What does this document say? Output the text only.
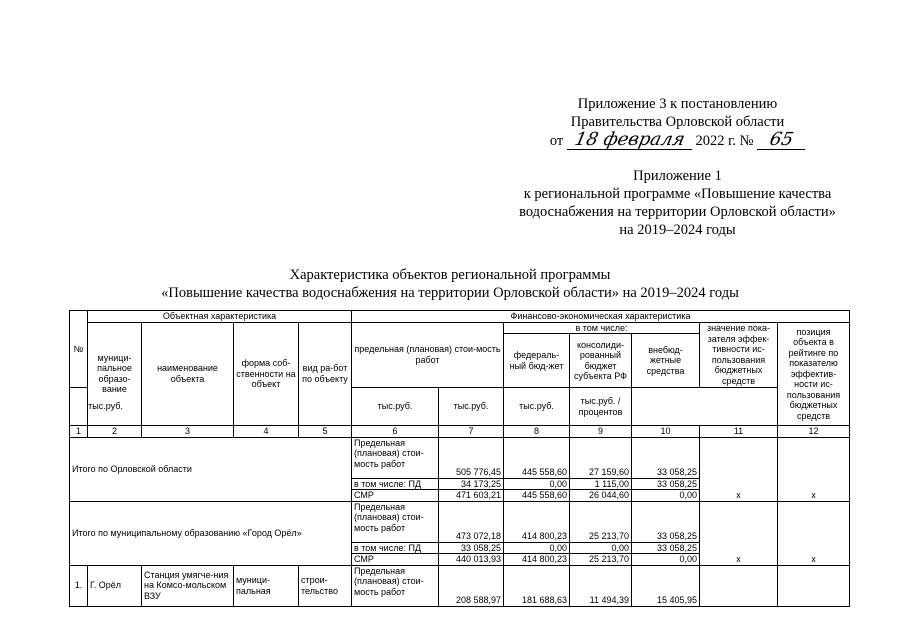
Приложение 3 к постановлению
Правительства Орловской области
от 18 февраля 2022 г. № 65
Приложение 1
к региональной программе «Повышение качества
водоснабжения на территории Орловской области»
на 2019–2024 годы
Характеристика объектов региональной программы
«Повышение качества водоснабжения на территории Орловской области» на 2019–2024 годы
№	Объектная характеристика				Финансово-экономическая характеристика						
	муници-пальное образо-вание	наименование объекта	форма соб-ственности на объект	вид ра-бот по объекту	предельная (плановая) стои-мость работ		в том числе:			значение пока-зателя эффек-тивности ис-пользования бюджетных средств	позиция объекта в рейтинге по показателю эффектив-ности ис-пользования бюджетных средств
							федераль-ный бюд-жет	консолиди-рованный бюджет субъекта РФ	внебюд-жетные средства		
тыс.руб.					тыс.руб.	тыс.руб.	тыс.руб.	тыс.руб. / процентов			
1	2	3	4	5	6	7	8	9	10	11	12
Итого по Орловской области					Предельная (плановая) стои-мость работ	505 776,45	445 558,60	27 159,60	33 058,25	x	x
					в том числе: ПД	34 173,25	0,00	1 115,00	33 058,25		
					СМР	471 603,21	445 558,60	26 044,60	0,00		
Итого по муниципальному образованию «Город Орёл»					Предельная (плановая) стои-мость работ	473 072,18	414 800,23	25 213,70	33 058,25	x	x
					в том числе: ПД	33 058,25	0,00	0,00	33 058,25		
					СМР	440 013,93	414 800,23	25 213,70	0,00		
1.	Г. Орёл	Станция умягче-ния на Комсо-мольском ВЗУ	муници-пальная	строи-тельство	Предельная (плановая) стои-мость работ	208 588,97	181 688,63	11 494,39	15 405,95		
